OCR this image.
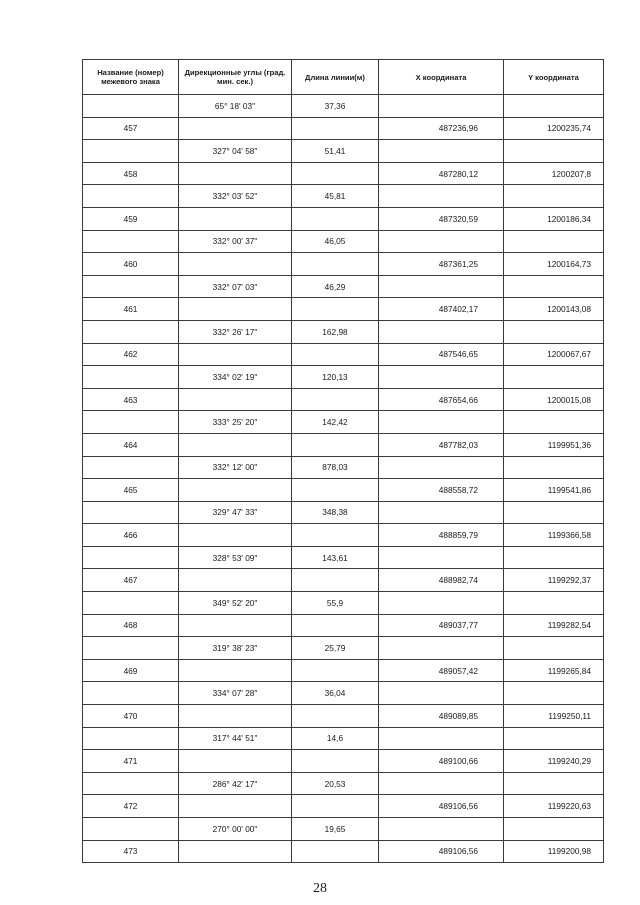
Название (номер) межевого знака	Дирекционные углы (град. мин. сек.)	Длина линии(м)	X координата	Y координата
	65° 18' 03"	37,36		
457			487236,96	1200235,74
	327° 04' 58"	51,41		
458			487280,12	1200207,8
	332° 03' 52"	45,81		
459			487320,59	1200186,34
	332° 00' 37"	46,05		
460			487361,25	1200164,73
	332° 07' 03"	46,29		
461			487402,17	1200143,08
	332° 26' 17"	162,98		
462			487546,65	1200067,67
	334° 02' 19"	120,13		
463			487654,66	1200015,08
	333° 25' 20"	142,42		
464			487782,03	1199951,36
	332° 12' 00"	878,03		
465			488558,72	1199541,86
	329° 47' 33"	348,38		
466			488859,79	1199366,58
	328° 53' 09"	143,61		
467			488982,74	1199292,37
	349° 52' 20"	55,9		
468			489037,77	1199282,54
	319° 38' 23"	25,79		
469			489057,42	1199265,84
	334° 07' 28"	36,04		
470			489089,85	1199250,11
	317° 44' 51"	14,6		
471			489100,66	1199240,29
	286° 42' 17"	20,53		
472			489106,56	1199220,63
	270° 00' 00"	19,65		
473			489106,56	1199200,98
28
